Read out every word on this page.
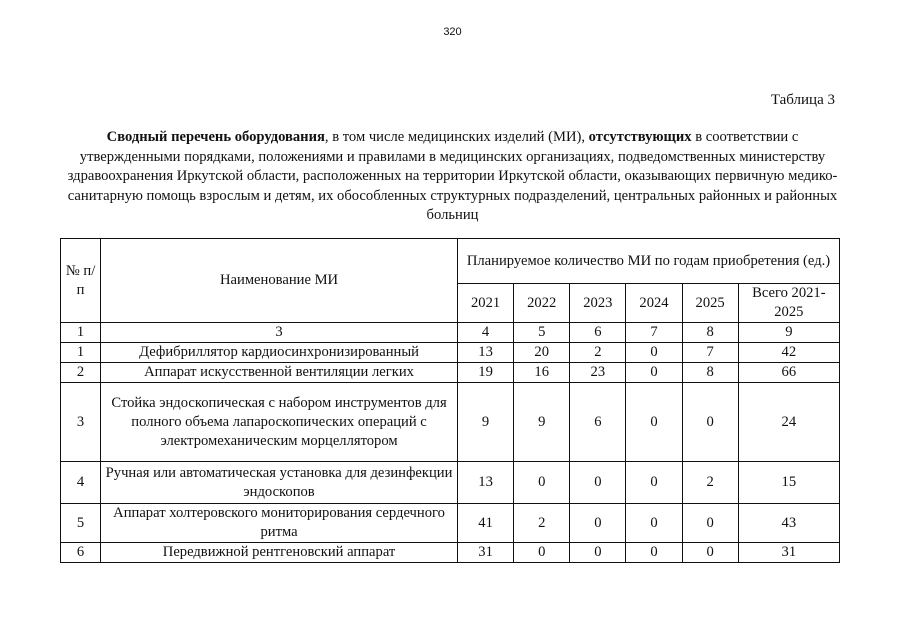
320
Таблица 3
Сводный перечень оборудования, в том числе медицинских изделий (МИ), отсутствующих в соответствии с утвержденными порядками, положениями и правилами в медицинских организациях, подведомственных министерству здравоохранения Иркутской области, расположенных на территории Иркутской области, оказывающих первичную медико-санитарную помощь взрослым и детям, их обособленных структурных подразделений, центральных районных и районных больниц
№ п/п	Наименование МИ	Планируемое количество МИ по годам приобретения (ед.)					
		2021	2022	2023	2024	2025	Всего 2021-2025
1	3	4	5	6	7	8	9
1	Дефибриллятор кардиосинхронизированный	13	20	2	0	7	42
2	Аппарат искусственной вентиляции легких	19	16	23	0	8	66
3	Стойка эндоскопическая с набором инструментов для полного объема лапароскопических операций с электромеханическим морцеллятором	9	9	6	0	0	24
4	Ручная или автоматическая установка для дезинфекции эндоскопов	13	0	0	0	2	15
5	Аппарат холтеровского мониторирования сердечного ритма	41	2	0	0	0	43
6	Передвижной рентгеновский аппарат	31	0	0	0	0	31
